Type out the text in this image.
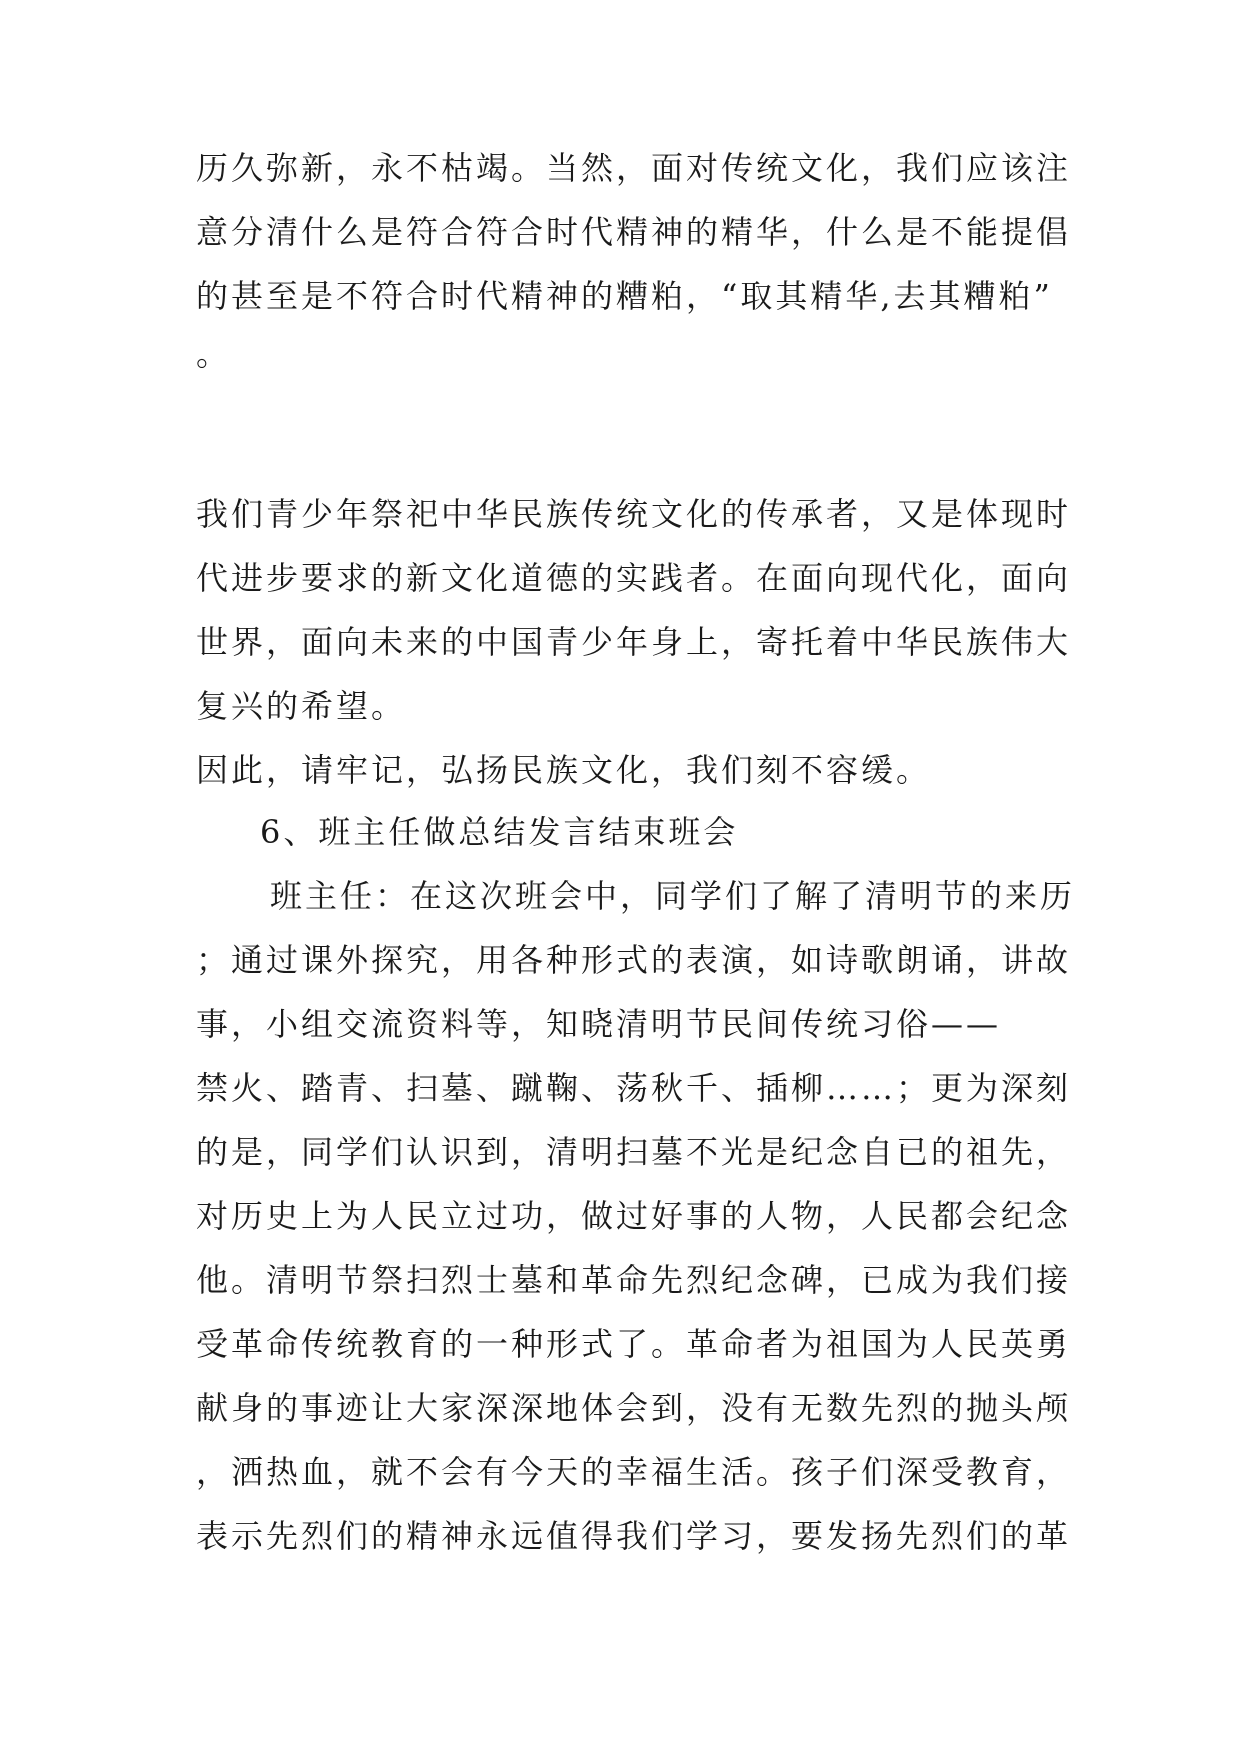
历久弥新，永不枯竭。当然，面对传统文化，我们应该注
意分清什么是符合符合时代精神的精华，什么是不能提倡
的甚至是不符合时代精神的糟粕，“取其精华,去其糟粕”
。
我们青少年祭祀中华民族传统文化的传承者，又是体现时
代进步要求的新文化道德的实践者。在面向现代化，面向
世界，面向未来的中国青少年身上，寄托着中华民族伟大
复兴的希望。
因此，请牢记，弘扬民族文化，我们刻不容缓。
6、班主任做总结发言结束班会
班主任：在这次班会中，同学们了解了清明节的来历
；通过课外探究，用各种形式的表演，如诗歌朗诵，讲故
事，小组交流资料等，知晓清明节民间传统习俗——
禁火、踏青、扫墓、蹴鞠、荡秋千、插柳……；更为深刻
的是，同学们认识到，清明扫墓不光是纪念自已的祖先，
对历史上为人民立过功，做过好事的人物，人民都会纪念
他。清明节祭扫烈士墓和革命先烈纪念碑，已成为我们接
受革命传统教育的一种形式了。革命者为祖国为人民英勇
献身的事迹让大家深深地体会到，没有无数先烈的抛头颅
，洒热血，就不会有今天的幸福生活。孩子们深受教育，
表示先烈们的精神永远值得我们学习，要发扬先烈们的革
